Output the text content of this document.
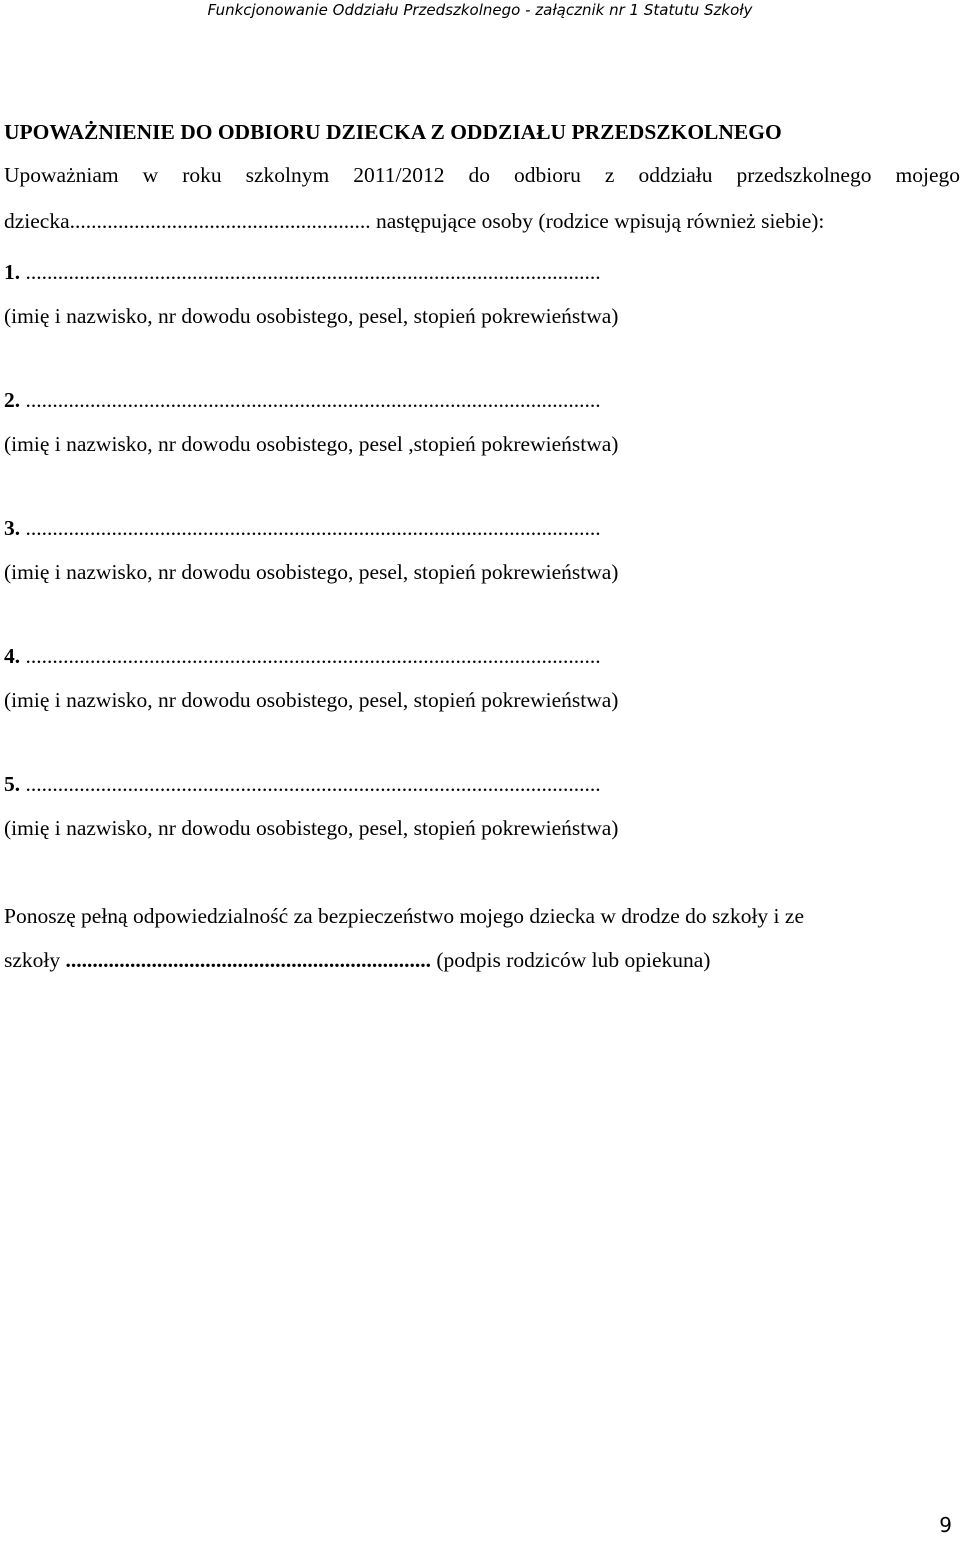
Funkcjonowanie Oddziału Przedszkolnego - załącznik nr 1 Statutu Szkoły

UPOWAŻNIENIE DO ODBIORU DZIECKA Z ODDZIAŁU PRZEDSZKOLNEGO

Upoważniam w roku szkolnym 2011/2012 do odbioru z oddziału przedszkolnego mojego dziecka........................................................ następujące osoby (rodzice wpisują również siebie):

1. ...........................................................................................................
(imię i nazwisko, nr dowodu osobistego, pesel, stopień pokrewieństwa)
2. ...........................................................................................................
(imię i nazwisko, nr dowodu osobistego, pesel ,stopień pokrewieństwa)
3. ...........................................................................................................
(imię i nazwisko, nr dowodu osobistego, pesel, stopień pokrewieństwa)
4. ...........................................................................................................
(imię i nazwisko, nr dowodu osobistego, pesel, stopień pokrewieństwa)
5. ...........................................................................................................
(imię i nazwisko, nr dowodu osobistego, pesel, stopień pokrewieństwa)
Ponoszę pełną odpowiedzialność za bezpieczeństwo mojego dziecka w drodze do szkoły i ze
szkoły .................................................................... (podpis rodziców lub opiekuna)
9
